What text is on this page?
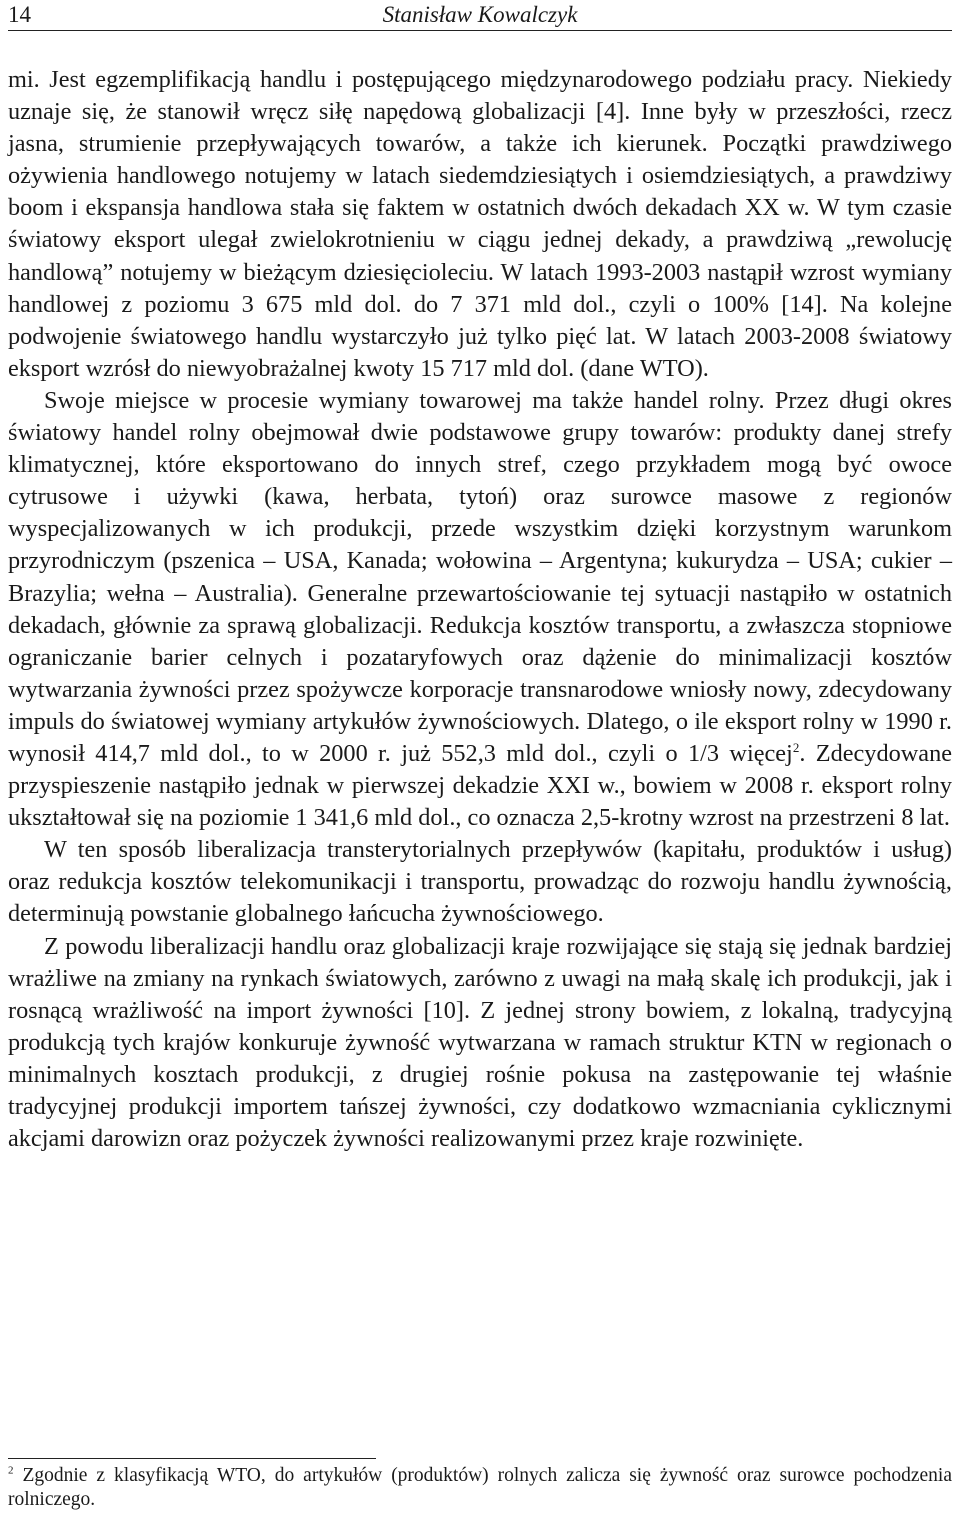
14	Stanisław Kowalczyk

mi. Jest egzemplifikacją handlu i postępującego międzynarodowego podziału pracy. Niekiedy uznaje się, że stanowił wręcz siłę napędową globalizacji [4]. Inne były w przeszłości, rzecz jasna, strumienie przepływających towarów, a także ich kierunek. Początki prawdziwego ożywienia handlowego notujemy w latach siedemdziesiątych i osiemdziesiątych, a prawdziwy boom i ekspansja handlowa stała się faktem w ostatnich dwóch dekadach XX w. W tym czasie światowy eksport ulegał zwielokrotnieniu w ciągu jednej dekady, a prawdziwą „rewolucję handlową” notujemy w bieżącym dziesięcioleciu. W latach 1993-2003 nastąpił wzrost wymiany handlowej z poziomu 3 675 mld dol. do 7 371 mld dol., czyli o 100% [14]. Na kolejne podwojenie światowego handlu wystarczyło już tylko pięć lat. W latach 2003-2008 światowy eksport wzrósł do niewyobrażalnej kwoty 15 717 mld dol. (dane WTO).

Swoje miejsce w procesie wymiany towarowej ma także handel rolny. Przez długi okres światowy handel rolny obejmował dwie podstawowe grupy towarów: produkty danej strefy klimatycznej, które eksportowano do innych stref, czego przykładem mogą być owoce cytrusowe i używki (kawa, herbata, tytoń) oraz surowce masowe z regionów wyspecjalizowanych w ich produkcji, przede wszystkim dzięki korzystnym warunkom przyrodniczym (pszenica – USA, Kanada; wołowina – Argentyna; kukurydza – USA; cukier – Brazylia; wełna – Australia). Generalne przewartościowanie tej sytuacji nastąpiło w ostatnich dekadach, głównie za sprawą globalizacji. Redukcja kosztów transportu, a zwłaszcza stopniowe ograniczanie barier celnych i pozataryfowych oraz dążenie do minimalizacji kosztów wytwarzania żywności przez spożywcze korporacje transnarodowe wniosły nowy, zdecydowany impuls do światowej wymiany artykułów żywnościowych. Dlatego, o ile eksport rolny w 1990 r. wynosił 414,7 mld dol., to w 2000 r. już 552,3 mld dol., czyli o 1/3 więcej$^2$. Zdecydowane przyspieszenie nastąpiło jednak w pierwszej dekadzie XXI w., bowiem w 2008 r. eksport rolny ukształtował się na poziomie 1 341,6 mld dol., co oznacza 2,5-krotny wzrost na przestrzeni 8 lat.

W ten sposób liberalizacja transterytorialnych przepływów (kapitału, produktów i usług) oraz redukcja kosztów telekomunikacji i transportu, prowadząc do rozwoju handlu żywnością, determinują powstanie globalnego łańcucha żywnościowego.

Z powodu liberalizacji handlu oraz globalizacji kraje rozwijające się stają się jednak bardziej wrażliwe na zmiany na rynkach światowych, zarówno z uwagi na małą skalę ich produkcji, jak i rosnącą wrażliwość na import żywności [10]. Z jednej strony bowiem, z lokalną, tradycyjną produkcją tych krajów konkuruje żywność wytwarzana w ramach struktur KTN w regionach o minimalnych kosztach produkcji, z drugiej rośnie pokusa na zastępowanie tej właśnie tradycyjnej produkcji importem tańszej żywności, czy dodatkowo wzmacniania cyklicznymi akcjami darowizn oraz pożyczek żywności realizowanymi przez kraje rozwinięte.

$^2$ Zgodnie z klasyfikacją WTO, do artykułów (produktów) rolnych zalicza się żywność oraz surowce pochodzenia rolniczego.
